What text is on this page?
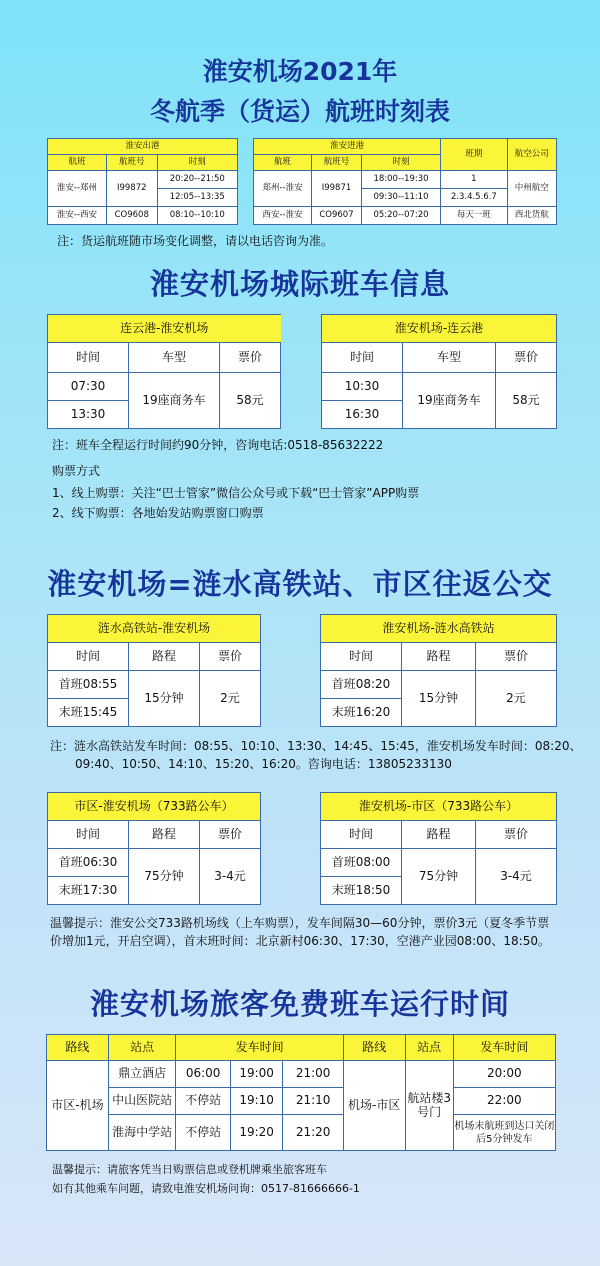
淮安机场2021年
冬航季（货运）航班时刻表
淮安出港		
航班	航班号	时刻
淮安--郑州	I99872	20:20--21:50
		12:05--13:35
淮安--西安	CO9608	08:10--10:10
淮安进港			班期	航空公司
航班	航班号	时刻		
郑州--淮安	I99871	18:00--19:30	1	中州航空
		09:30--11:10	2.3.4.5.6.7	
西安--淮安	CO9607	05:20--07:20	每天一班	西北货航
注：货运航班随市场变化调整，请以电话咨询为准。
淮安机场城际班车信息
连云港-淮安机场		
时间	车型	票价
07:30	19座商务车	58元
13:30		
淮安机场-连云港		
时间	车型	票价
10:30	19座商务车	58元
16:30		
注：班车全程运行时间约90分钟，咨询电话:0518-85632222
购票方式
1、线上购票：关注“巴士管家”微信公众号或下载“巴士管家”APP购票
2、线下购票：各地始发站购票窗口购票
淮安机场=涟水高铁站、市区往返公交
涟水高铁站-淮安机场		
时间	路程	票价
首班08:55	15分钟	2元
末班15:45		
淮安机场-涟水高铁站		
时间	路程	票价
首班08:20	15分钟	2元
末班16:20		
注：涟水高铁站发车时间：08:55、10:10、13:30、14:45、15:45，淮安机场发车时间：08:20、
09:40、10:50、14:10、15:20、16:20。咨询电话：13805233130
市区-淮安机场（733路公车）		
时间	路程	票价
首班06:30	75分钟	3-4元
末班17:30		
淮安机场-市区（733路公车）		
时间	路程	票价
首班08:00	75分钟	3-4元
末班18:50		
温馨提示：淮安公交733路机场线（上车购票），发车间隔30—60分钟，票价3元（夏冬季节票
价增加1元，开启空调），首末班时间：北京新村06:30、17:30，空港产业园08:00、18:50。
淮安机场旅客免费班车运行时间
路线	站点	发车时间			路线	站点	发车时间
市区-机场	鼎立酒店	06:00	19:00	21:00	机场-市区	航站楼3号门	20:00
	中山医院站	不停站	19:10	21:10			22:00
	淮海中学站	不停站	19:20	21:20			机场末航班到达口关闭后5分钟发车
温馨提示：请旅客凭当日购票信息或登机牌乘坐旅客班车
如有其他乘车问题，请致电淮安机场问询：0517-81666666-1
